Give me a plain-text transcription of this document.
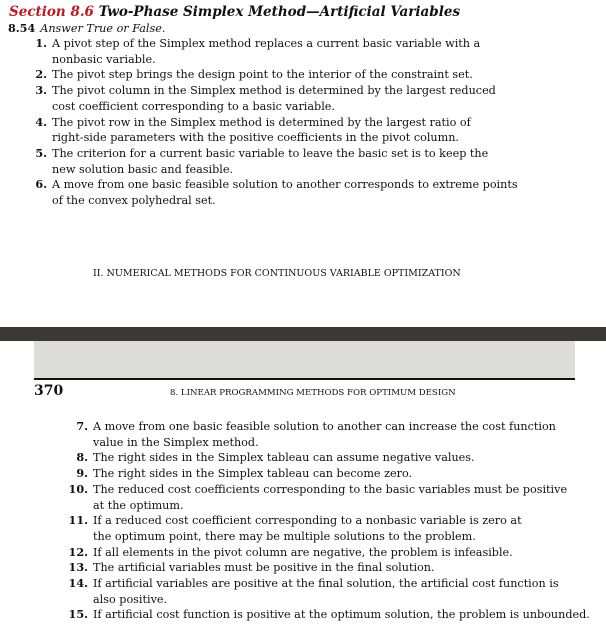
Section 8.6 Two-Phase Simplex Method—Artificial Variables
8.54 Answer True or False.
1. A pivot step of the Simplex method replaces a current basic variable with a
nonbasic variable.
2. The pivot step brings the design point to the interior of the constraint set.
3. The pivot column in the Simplex method is determined by the largest reduced
cost coefficient corresponding to a basic variable.
4. The pivot row in the Simplex method is determined by the largest ratio of
right-side parameters with the positive coefficients in the pivot column.
5. The criterion for a current basic variable to leave the basic set is to keep the
new solution basic and feasible.
6. A move from one basic feasible solution to another corresponds to extreme points
of the convex polyhedral set.
II. NUMERICAL METHODS FOR CONTINUOUS VARIABLE OPTIMIZATION
370	8. LINEAR PROGRAMMING METHODS FOR OPTIMUM DESIGN
7. A move from one basic feasible solution to another can increase the cost function
value in the Simplex method.
8. The right sides in the Simplex tableau can assume negative values.
9. The right sides in the Simplex tableau can become zero.
10. The reduced cost coefficients corresponding to the basic variables must be positive
at the optimum.
11. If a reduced cost coefficient corresponding to a nonbasic variable is zero at
the optimum point, there may be multiple solutions to the problem.
12. If all elements in the pivot column are negative, the problem is infeasible.
13. The artificial variables must be positive in the final solution.
14. If artificial variables are positive at the final solution, the artificial cost function is
also positive.
15. If artificial cost function is positive at the optimum solution, the problem is unbounded.
